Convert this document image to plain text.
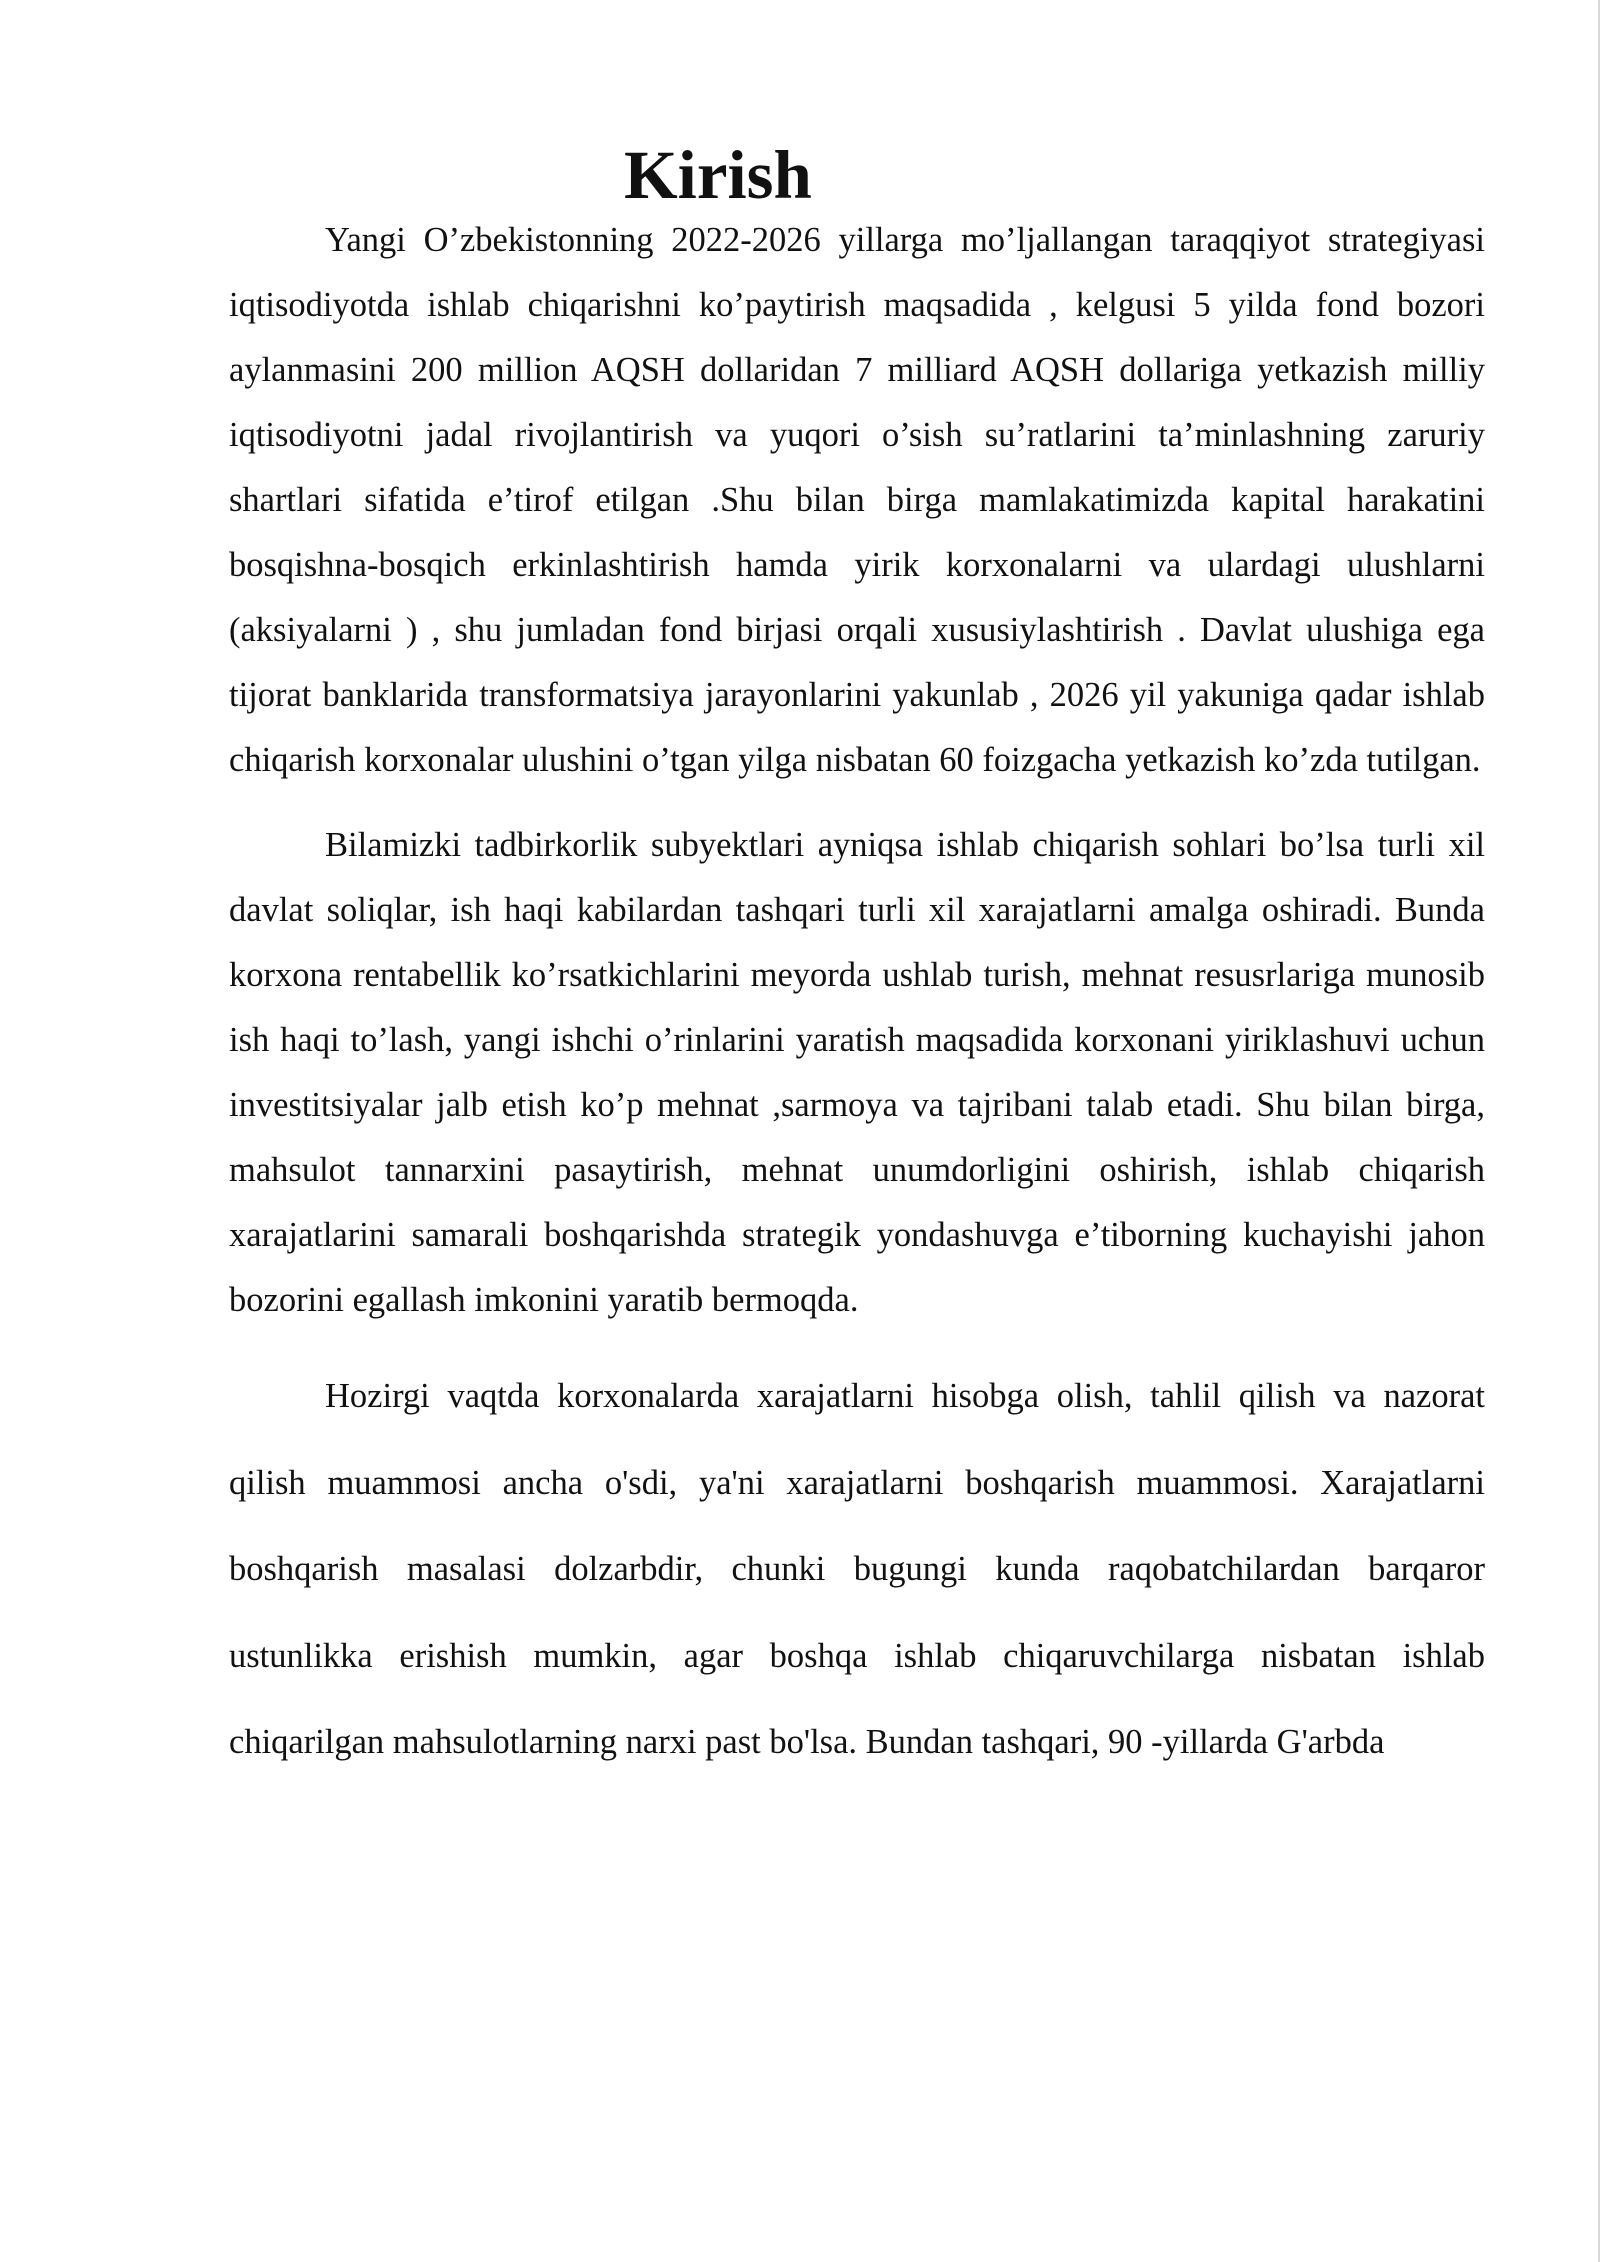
Kirish

Yangi O’zbekistonning 2022-2026 yillarga mo’ljallangan taraqqiyot strategiyasi iqtisodiyotda ishlab chiqarishni ko’paytirish maqsadida , kelgusi 5 yilda fond bozori aylanmasini 200 million AQSH dollaridan 7 milliard AQSH dollariga yetkazish milliy iqtisodiyotni jadal rivojlantirish va yuqori o’sish su’ratlarini ta’minlashning zaruriy shartlari sifatida e’tirof etilgan .Shu bilan birga mamlakatimizda kapital harakatini bosqishna-bosqich erkinlashtirish hamda yirik korxonalarni va ulardagi ulushlarni (aksiyalarni ) , shu jumladan fond birjasi orqali xususiylashtirish . Davlat ulushiga ega tijorat banklarida transformatsiya jarayonlarini yakunlab , 2026 yil yakuniga qadar ishlab chiqarish korxonalar ulushini o’tgan yilga nisbatan 60 foizgacha yetkazish ko’zda tutilgan.

Bilamizki tadbirkorlik subyektlari ayniqsa ishlab chiqarish sohlari bo’lsa turli xil davlat soliqlar, ish haqi kabilardan tashqari turli xil xarajatlarni amalga oshiradi. Bunda korxona rentabellik ko’rsatkichlarini meyorda ushlab turish, mehnat resusrlariga munosib ish haqi to’lash, yangi ishchi o’rinlarini yaratish maqsadida korxonani yiriklashuvi uchun investitsiyalar jalb etish ko’p mehnat ,sarmoya va tajribani talab etadi. Shu bilan birga, mahsulot tannarxini pasaytirish, mehnat unumdorligini oshirish, ishlab chiqarish xarajatlarini samarali boshqarishda strategik yondashuvga e’tiborning kuchayishi jahon bozorini egallash imkonini yaratib bermoqda.

Hozirgi vaqtda korxonalarda xarajatlarni hisobga olish, tahlil qilish va nazorat qilish muammosi ancha o'sdi, ya'ni xarajatlarni boshqarish muammosi. Xarajatlarni boshqarish masalasi dolzarbdir, chunki bugungi kunda raqobatchilardan barqaror ustunlikka erishish mumkin, agar boshqa ishlab chiqaruvchilarga nisbatan ishlab chiqarilgan mahsulotlarning narxi past bo'lsa. Bundan tashqari, 90 -yillarda G'arbda
